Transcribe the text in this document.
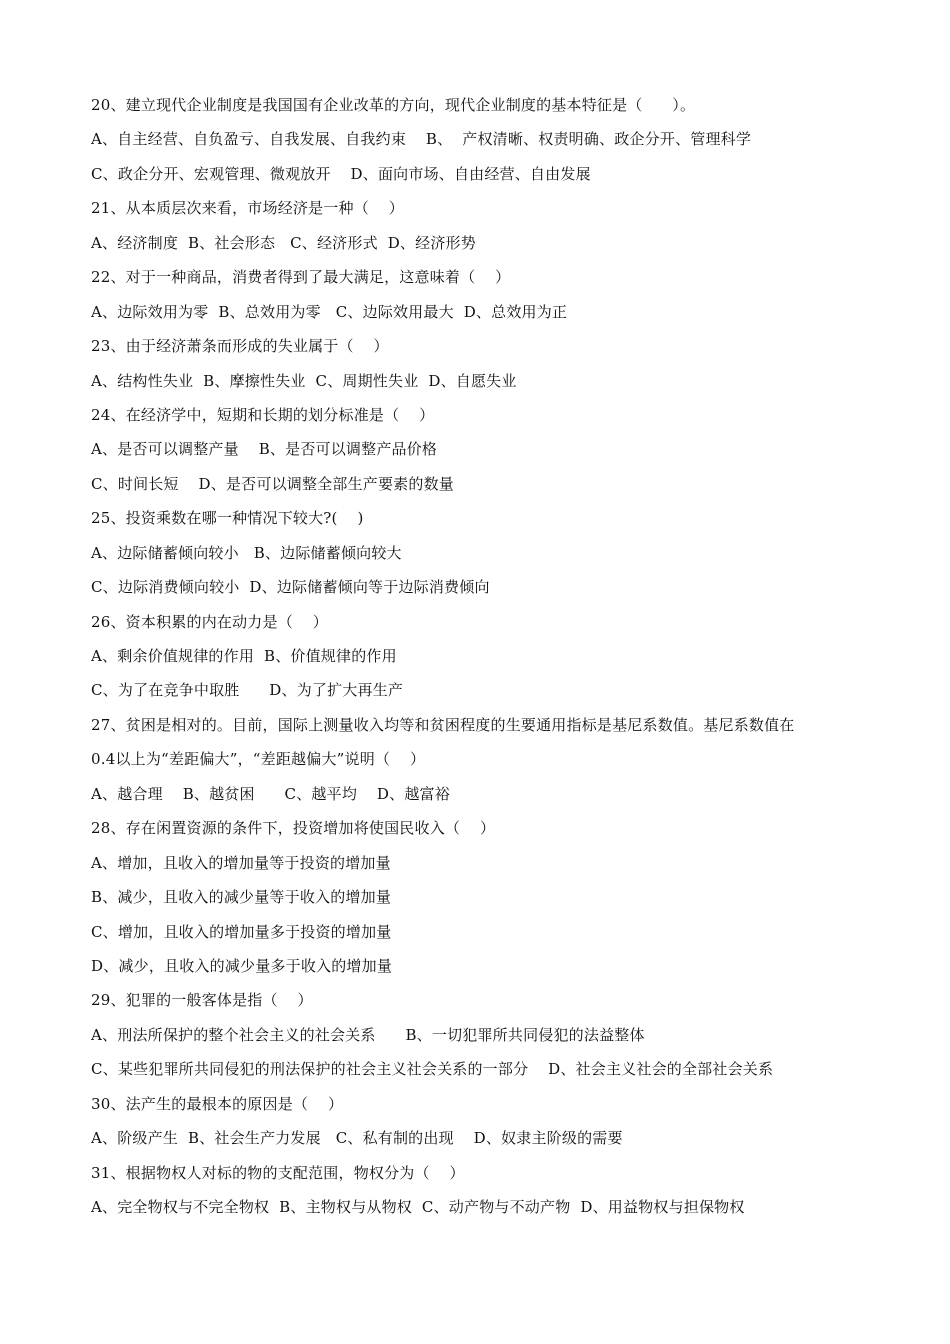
20、建立现代企业制度是我国国有企业改革的方向，现代企业制度的基本特征是（      ）。
A、自主经营、自负盈亏、自我发展、自我约束    B、  产权清晰、权责明确、政企分开、管理科学
C、政企分开、宏观管理、微观放开    D、面向市场、自由经营、自由发展
21、从本质层次来看，市场经济是一种（    ）
A、经济制度  B、社会形态   C、经济形式  D、经济形势
22、对于一种商品，消费者得到了最大满足，这意味着（    ）
A、边际效用为零  B、总效用为零   C、边际效用最大  D、总效用为正
23、由于经济萧条而形成的失业属于（    ）
A、结构性失业  B、摩擦性失业  C、周期性失业  D、自愿失业
24、在经济学中，短期和长期的划分标准是（    ）
A、是否可以调整产量    B、是否可以调整产品价格
C、时间长短    D、是否可以调整全部生产要素的数量
25、投资乘数在哪一种情况下较大?(    )
A、边际储蓄倾向较小   B、边际储蓄倾向较大
C、边际消费倾向较小  D、边际储蓄倾向等于边际消费倾向
26、资本积累的内在动力是（    ）
A、剩余价值规律的作用  B、价值规律的作用
C、为了在竞争中取胜      D、为了扩大再生产
27、贫困是相对的。目前，国际上测量收入均等和贫困程度的生要通用指标是基尼系数值。基尼系数值在
0.4以上为“差距偏大”，“差距越偏大”说明（    ）
A、越合理    B、越贫困      C、越平均    D、越富裕
28、存在闲置资源的条件下，投资增加将使国民收入（    ）
A、增加，且收入的增加量等于投资的增加量
B、减少，且收入的减少量等于收入的增加量
C、增加，且收入的增加量多于投资的增加量
D、减少，且收入的减少量多于收入的增加量
29、犯罪的一般客体是指（    ）
A、刑法所保护的整个社会主义的社会关系      B、一切犯罪所共同侵犯的法益整体
C、某些犯罪所共同侵犯的刑法保护的社会主义社会关系的一部分    D、社会主义社会的全部社会关系
30、法产生的最根本的原因是（    ）
A、阶级产生  B、社会生产力发展   C、私有制的出现    D、奴隶主阶级的需要
31、根据物权人对标的物的支配范围，物权分为（    ）
A、完全物权与不完全物权  B、主物权与从物权  C、动产物与不动产物  D、用益物权与担保物权
